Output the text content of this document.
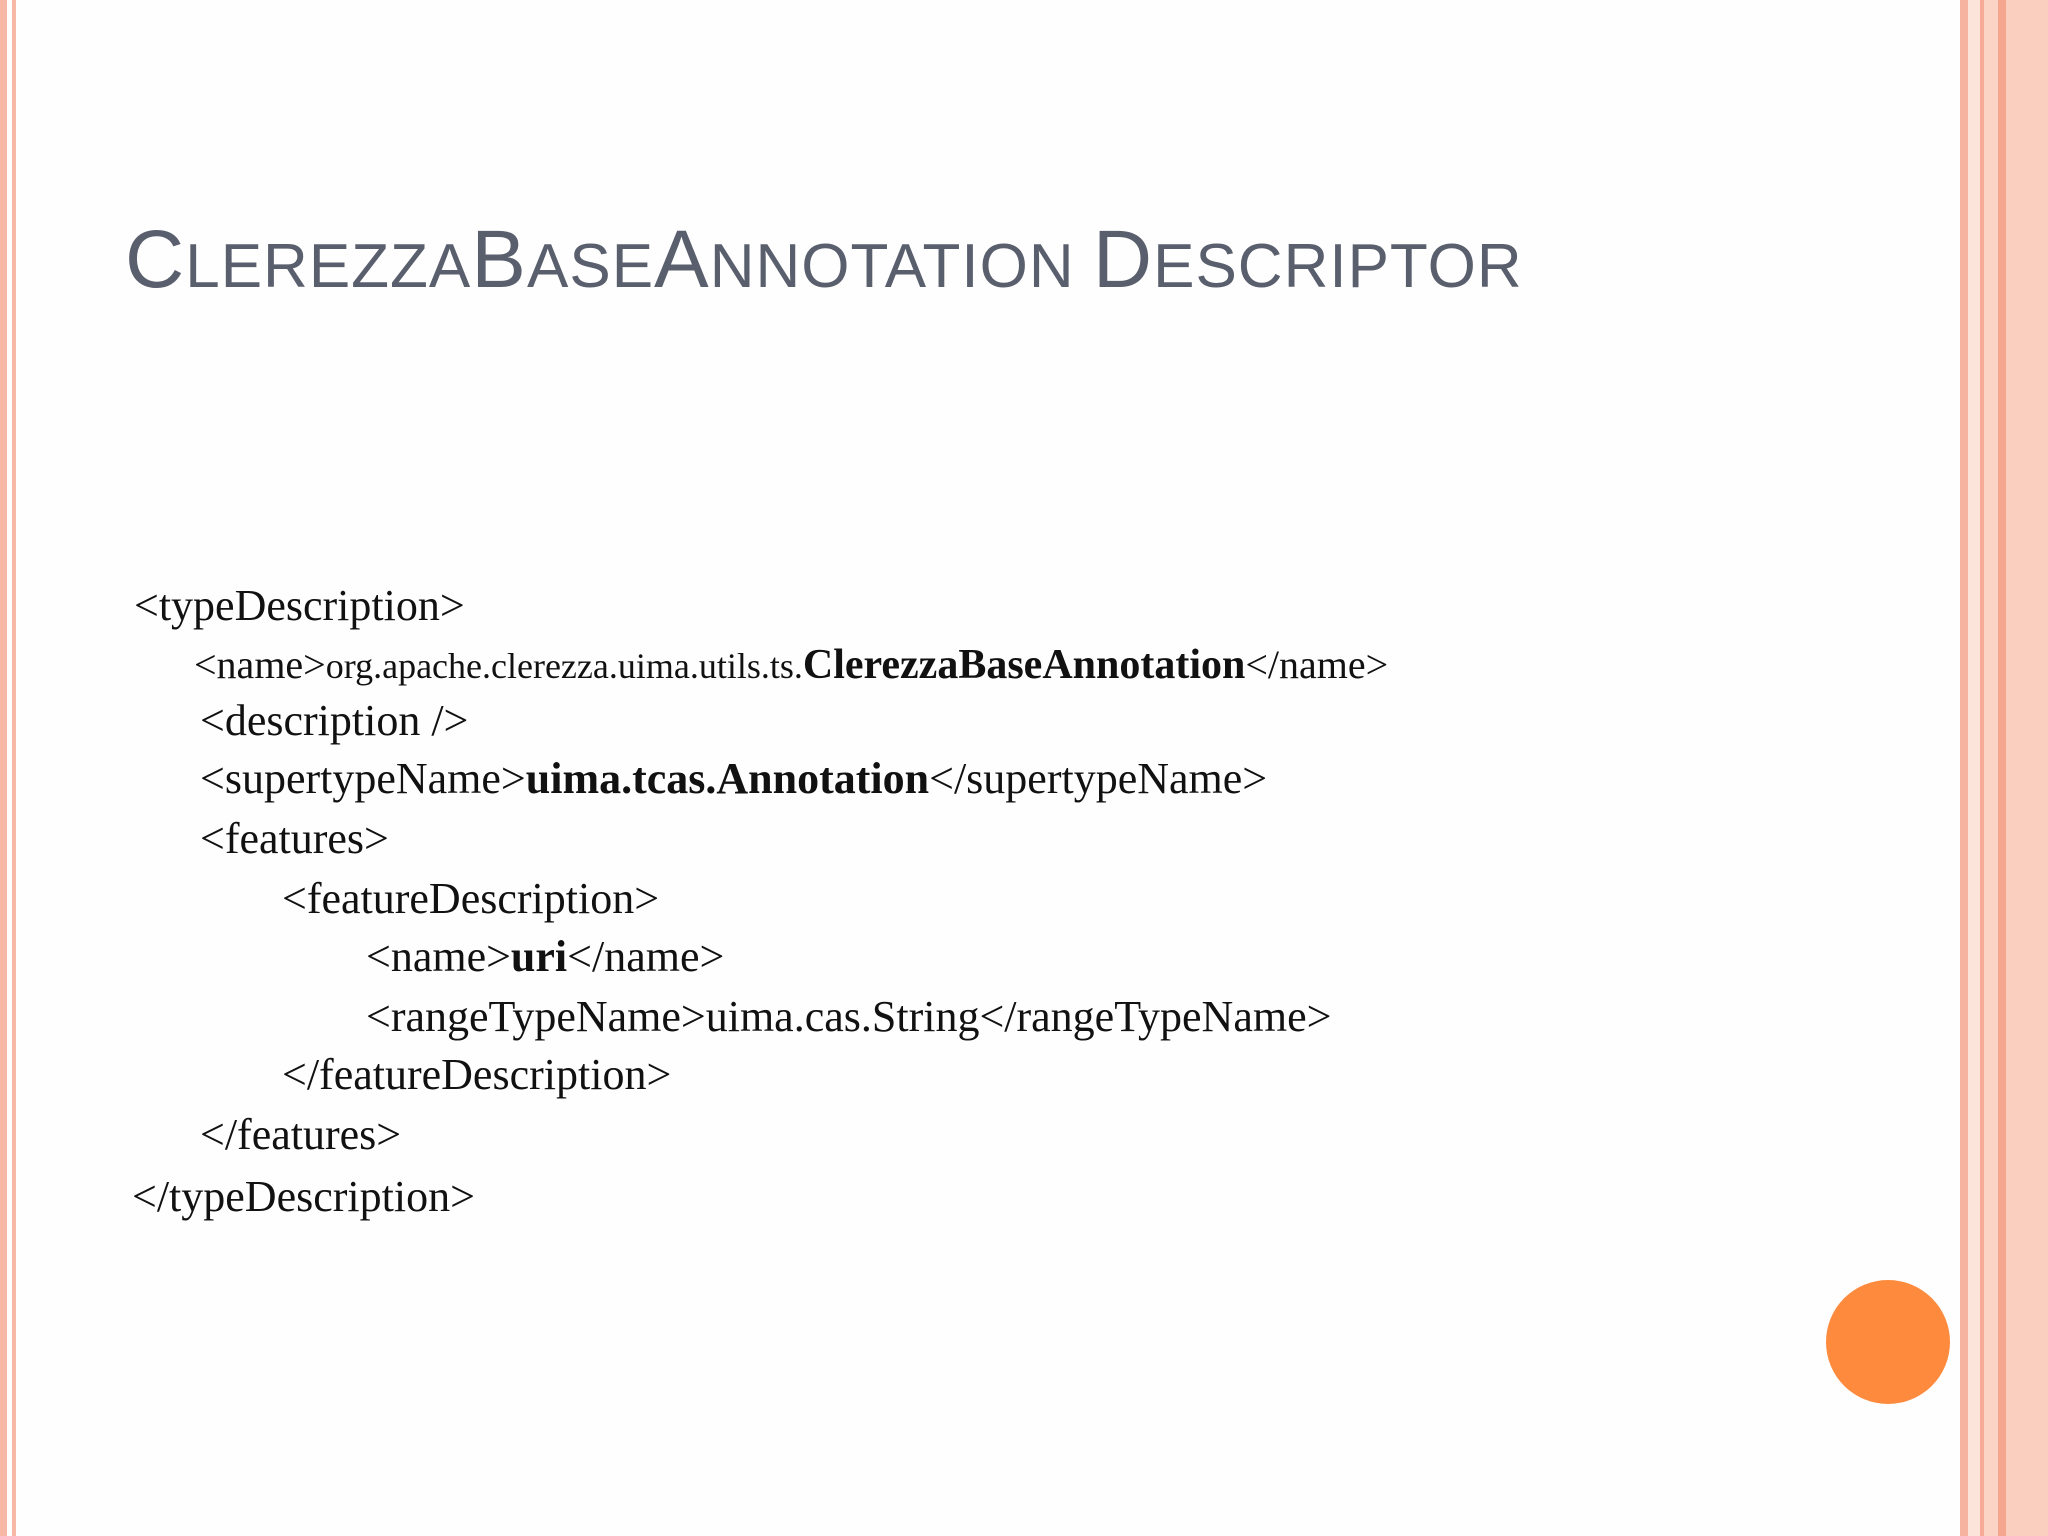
CLEREZZABASEANNOTATION DESCRIPTOR
<typeDescription>
<name>org.apache.clerezza.uima.utils.ts.ClerezzaBaseAnnotation</name>
<description />
<supertypeName>uima.tcas.Annotation</supertypeName>
<features>
<featureDescription>
<name>uri</name>
<rangeTypeName>uima.cas.String</rangeTypeName>
</featureDescription>
</features>
</typeDescription>
